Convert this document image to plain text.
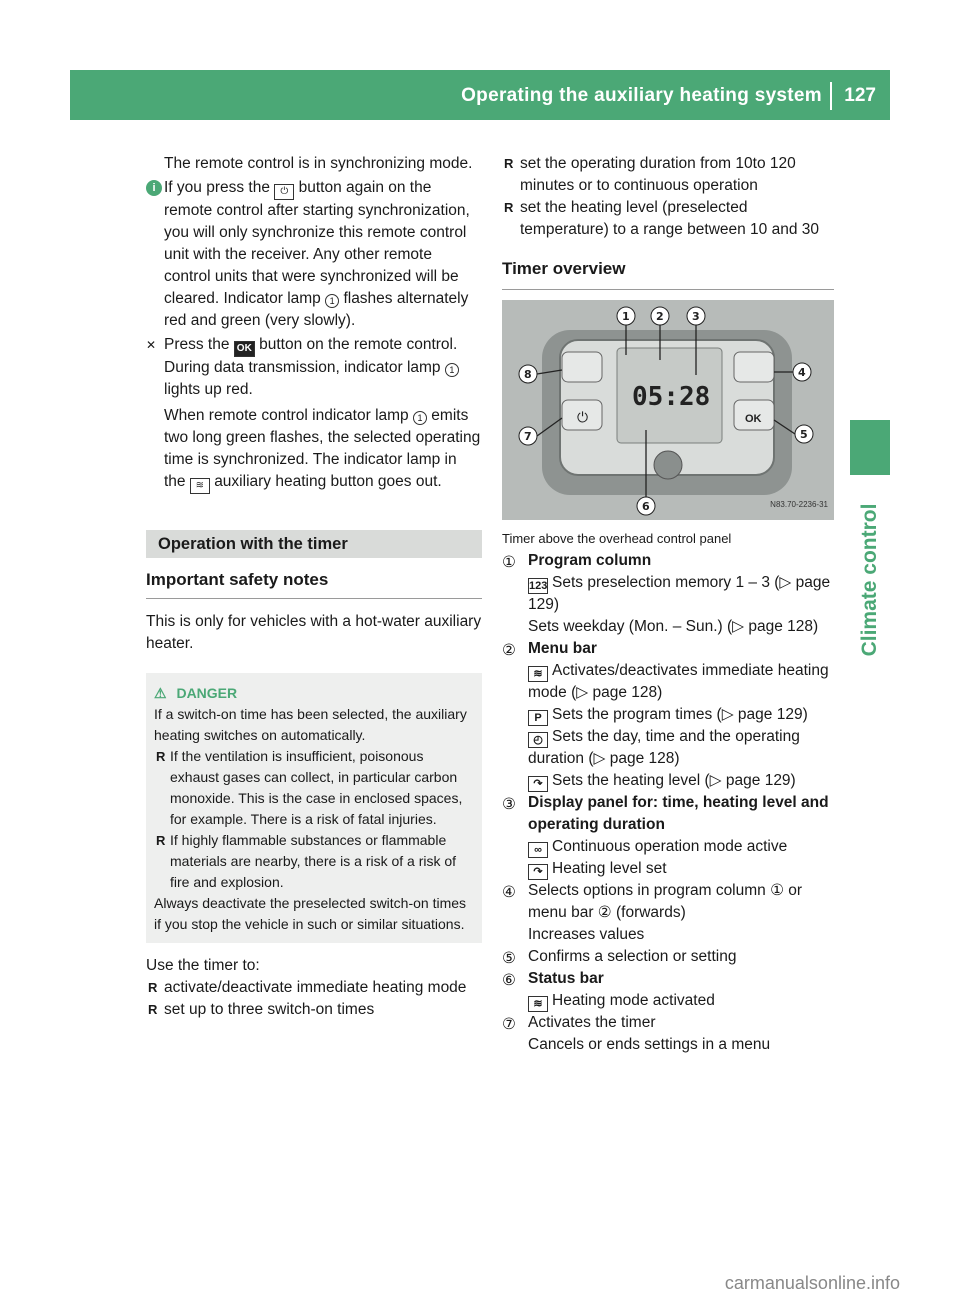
Operating the auxiliary heating system	127
Climate control

The remote control is in synchronizing mode.

i If you press the ⏻ button again on the remote control after starting synchronization, you will only synchronize this remote control unit with the receiver. Any other remote control units that were synchronized will be cleared. Indicator lamp 1 flashes alternately red and green (very slowly).
✕ Press the OK button on the remote control.
During data transmission, indicator lamp 1 lights up red.
When remote control indicator lamp 1 emits two long green flashes, the selected operating time is synchronized. The indicator lamp in the ≋ auxiliary heating button goes out.
Operation with the timer
Important safety notes

This is only for vehicles with a hot-water auxiliary heater.

⚠ DANGER

If a switch-on time has been selected, the auxiliary heating switches on automatically.

R If the ventilation is insufficient, poisonous exhaust gases can collect, in particular carbon monoxide. This is the case in enclosed spaces, for example. There is a risk of fatal injuries.
R If highly flammable substances or flammable materials are nearby, there is a risk of a risk of fire and explosion.

Always deactivate the preselected switch-on times if you stop the vehicle in such or similar situations.

Use the timer to:

R activate/deactivate immediate heating mode
R set up to three switch-on times
R set the operating duration from 10to 120 minutes or to continuous operation
R set the heating level (preselected temperature) to a range between 10 and 30
Timer overview
05:28
⏻	OK
1 2	3
4
5
6
7
8
N83.70-2236-31
Timer above the overhead control panel
① Program column
123 Sets preselection memory 1 – 3 (▷ page 129)
Sets weekday (Mon. – Sun.) (▷ page 128)
② Menu bar
≋ Activates/deactivates immediate heating mode (▷ page 128)
P Sets the program times (▷ page 129)
◴ Sets the day, time and the operating duration (▷ page 128)
↷ Sets the heating level (▷ page 129)
③ Display panel for: time, heating level and operating duration
∞ Continuous operation mode active
↷ Heating level set
④ Selects options in program column ① or menu bar ② (forwards)
Increases values
⑤ Confirms a selection or setting
⑥ Status bar
≋ Heating mode activated
⑦ Activates the timer
Cancels or ends settings in a menu
carmanualsonline.info
